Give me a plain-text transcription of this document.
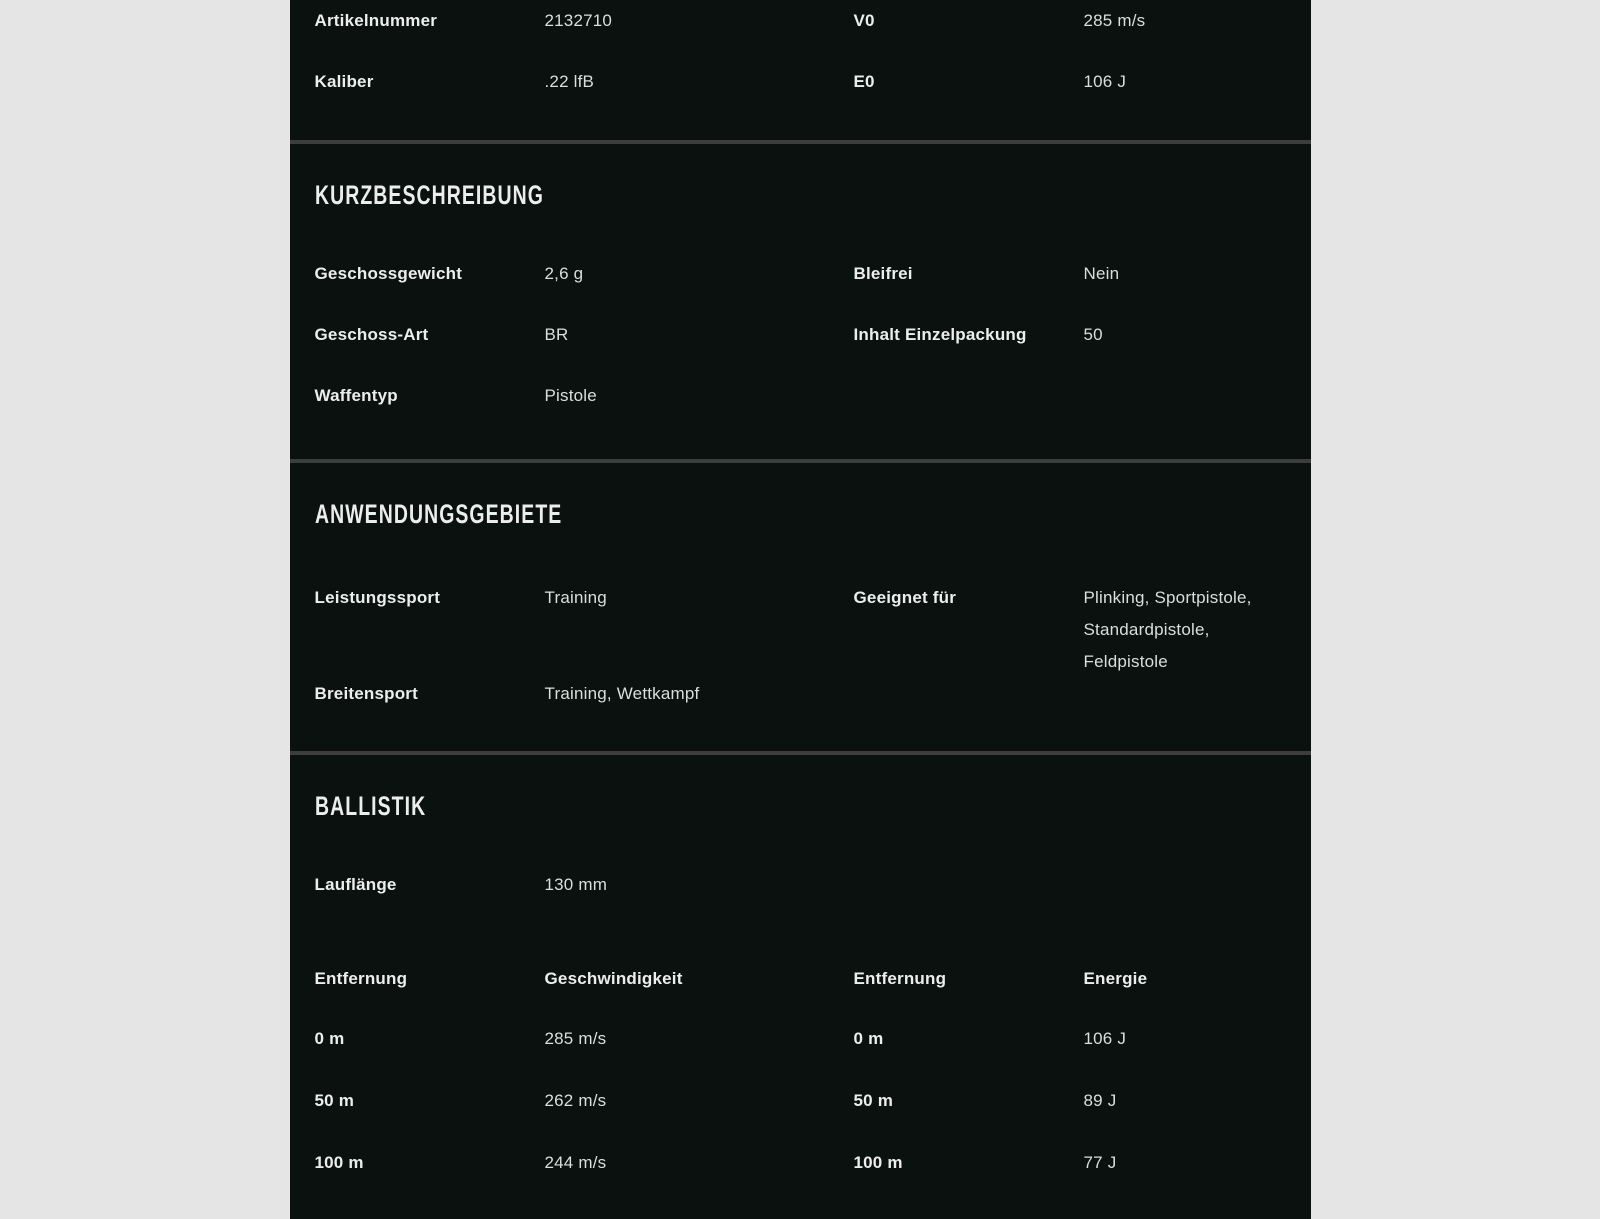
Artikelnummer	2132710	V0	285 m/s
Kaliber	.22 lfB	E0	106 J
KURZBESCHREIBUNG
Geschossgewicht	2,6 g	Bleifrei	Nein
Geschoss-Art	BR	Inhalt Einzelpackung	50
Waffentyp	Pistole
ANWENDUNGSGEBIETE
Leistungssport	Training	Geeignet für	Plinking, Sportpistole, Standardpistole, Feldpistole
Breitensport	Training, Wettkampf
BALLISTIK
Lauflänge	130 mm
Entfernung	Geschwindigkeit	Entfernung	Energie
0 m	285 m/s	0 m	106 J
50 m	262 m/s	50 m	89 J
100 m	244 m/s	100 m	77 J
